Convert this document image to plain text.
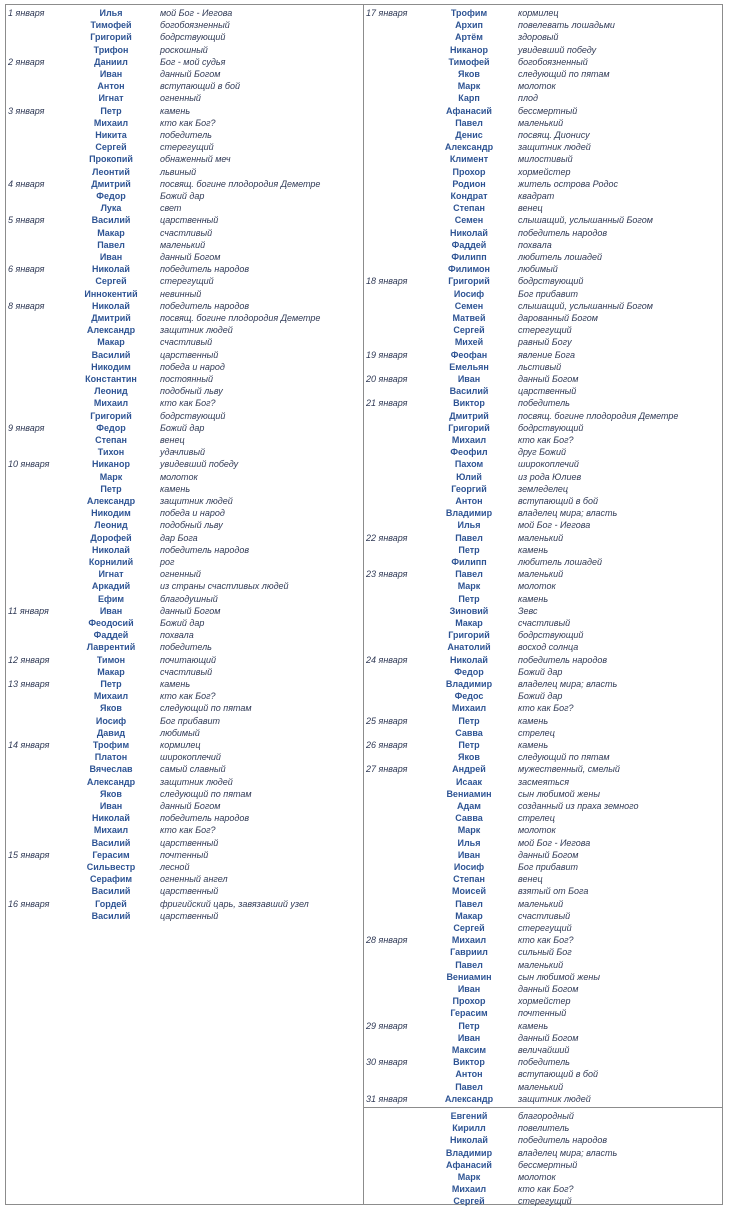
1 января	Илья	мой Бог - Иегова
Тимофей	богобоязненный
Григорий	бодрствующий
Трифон	роскошный
2 января	Даниил	Бог - мой судья
Иван	данный Богом
Антон	вступающий в бой
Игнат	огненный
3 января	Петр	камень
Михаил	кто как Бог?
Никита	победитель
Сергей	стерегущий
Прокопий	обнаженный меч
Леонтий	львиный
4 января	Дмитрий	посвящ. богине плодородия Деметре
Федор	Божий дар
Лука	свет
5 января	Василий	царственный
Макар	счастливый
Павел	маленький
Иван	данный Богом
6 января	Николай	победитель народов
Сергей	стерегущий
Иннокентий	невинный
8 января	Николай	победитель народов
Дмитрий	посвящ. богине плодородия Деметре
Александр	защитник людей
Макар	счастливый
Василий	царственный
Никодим	победа и народ
Константин	постоянный
Леонид	подобный льву
Михаил	кто как Бог?
Григорий	бодрствующий
9 января	Федор	Божий дар
Степан	венец
Тихон	удачливый
10 января	Никанор	увидевший победу
Марк	молоток
Петр	камень
Александр	защитник людей
Никодим	победа и народ
Леонид	подобный льву
Дорофей	дар Бога
Николай	победитель народов
Корнилий	рог
Игнат	огненный
Аркадий	из страны счастливых людей
Ефим	благодушный
11 января	Иван	данный Богом
Феодосий	Божий дар
Фаддей	похвала
Лаврентий	победитель
12 января	Тимон	почитающий
Макар	счастливый
13 января	Петр	камень
Михаил	кто как Бог?
Яков	следующий по пятам
Иосиф	Бог прибавит
Давид	любимый
14 января	Трофим	кормилец
Платон	широкоплечий
Вячеслав	самый славный
Александр	защитник людей
Яков	следующий по пятам
Иван	данный Богом
Николай	победитель народов
Михаил	кто как Бог?
Василий	царственный
15 января	Герасим	почтенный
Сильвестр	лесной
Серафим	огненный ангел
Василий	царственный
16 января	Гордей	фригийский царь, завязавший узел
Василий	царственный
17 января	Трофим	кормилец
Архип	повелевать лошадьми
Артём	здоровый
Никанор	увидевший победу
Тимофей	богобоязненный
Яков	следующий по пятам
Марк	молоток
Карп	плод
Афанасий	бессмертный
Павел	маленький
Денис	посвящ. Дионису
Александр	защитник людей
Климент	милостивый
Прохор	хормейстер
Родион	житель острова Родос
Кондрат	квадрат
Степан	венец
Семен	слышащий, услышанный Богом
Николай	победитель народов
Фаддей	похвала
Филипп	любитель лошадей
Филимон	любимый
18 января	Григорий	бодрствующий
Иосиф	Бог прибавит
Семен	слышащий, услышанный Богом
Матвей	дарованный Богом
Сергей	стерегущий
Михей	равный Богу
19 января	Феофан	явление Бога
Емельян	льстивый
20 января	Иван	данный Богом
Василий	царственный
21 января	Виктор	победитель
Дмитрий	посвящ. богине плодородия Деметре
Григорий	бодрствующий
Михаил	кто как Бог?
Феофил	друг Божий
Пахом	широкоплечий
Юлий	из рода Юлиев
Георгий	земледелец
Антон	вступающий в бой
Владимир	владелец мира; власть
Илья	мой Бог - Иегова
22 января	Павел	маленький
Петр	камень
Филипп	любитель лошадей
23 января	Павел	маленький
Марк	молоток
Петр	камень
Зиновий	Зевс
Макар	счастливый
Григорий	бодрствующий
Анатолий	восход солнца
24 января	Николай	победитель народов
Федор	Божий дар
Владимир	владелец мира; власть
Федос	Божий дар
Михаил	кто как Бог?
25 января	Петр	камень
Савва	стрелец
26 января	Петр	камень
Яков	следующий по пятам
27 января	Андрей	мужественный, смелый
Исаак	засмеяться
Вениамин	сын любимой жены
Адам	созданный из праха земного
Савва	стрелец
Марк	молоток
Илья	мой Бог - Иегова
Иван	данный Богом
Иосиф	Бог прибавит
Степан	венец
Моисей	взятый от Бога
Павел	маленький
Макар	счастливый
Сергей	стерегущий
28 января	Михаил	кто как Бог?
Гавриил	сильный Бог
Павел	маленький
Вениамин	сын любимой жены
Иван	данный Богом
Прохор	хормейстер
Герасим	почтенный
29 января	Петр	камень
Иван	данный Богом
Максим	величайший
30 января	Виктор	победитель
Антон	вступающий в бой
Павел	маленький
31 января	Александр	защитник людей
Евгений	благородный
Кирилл	повелитель
Николай	победитель народов
Владимир	владелец мира; власть
Афанасий	бессмертный
Марк	молоток
Михаил	кто как Бог?
Сергей	стерегущий
